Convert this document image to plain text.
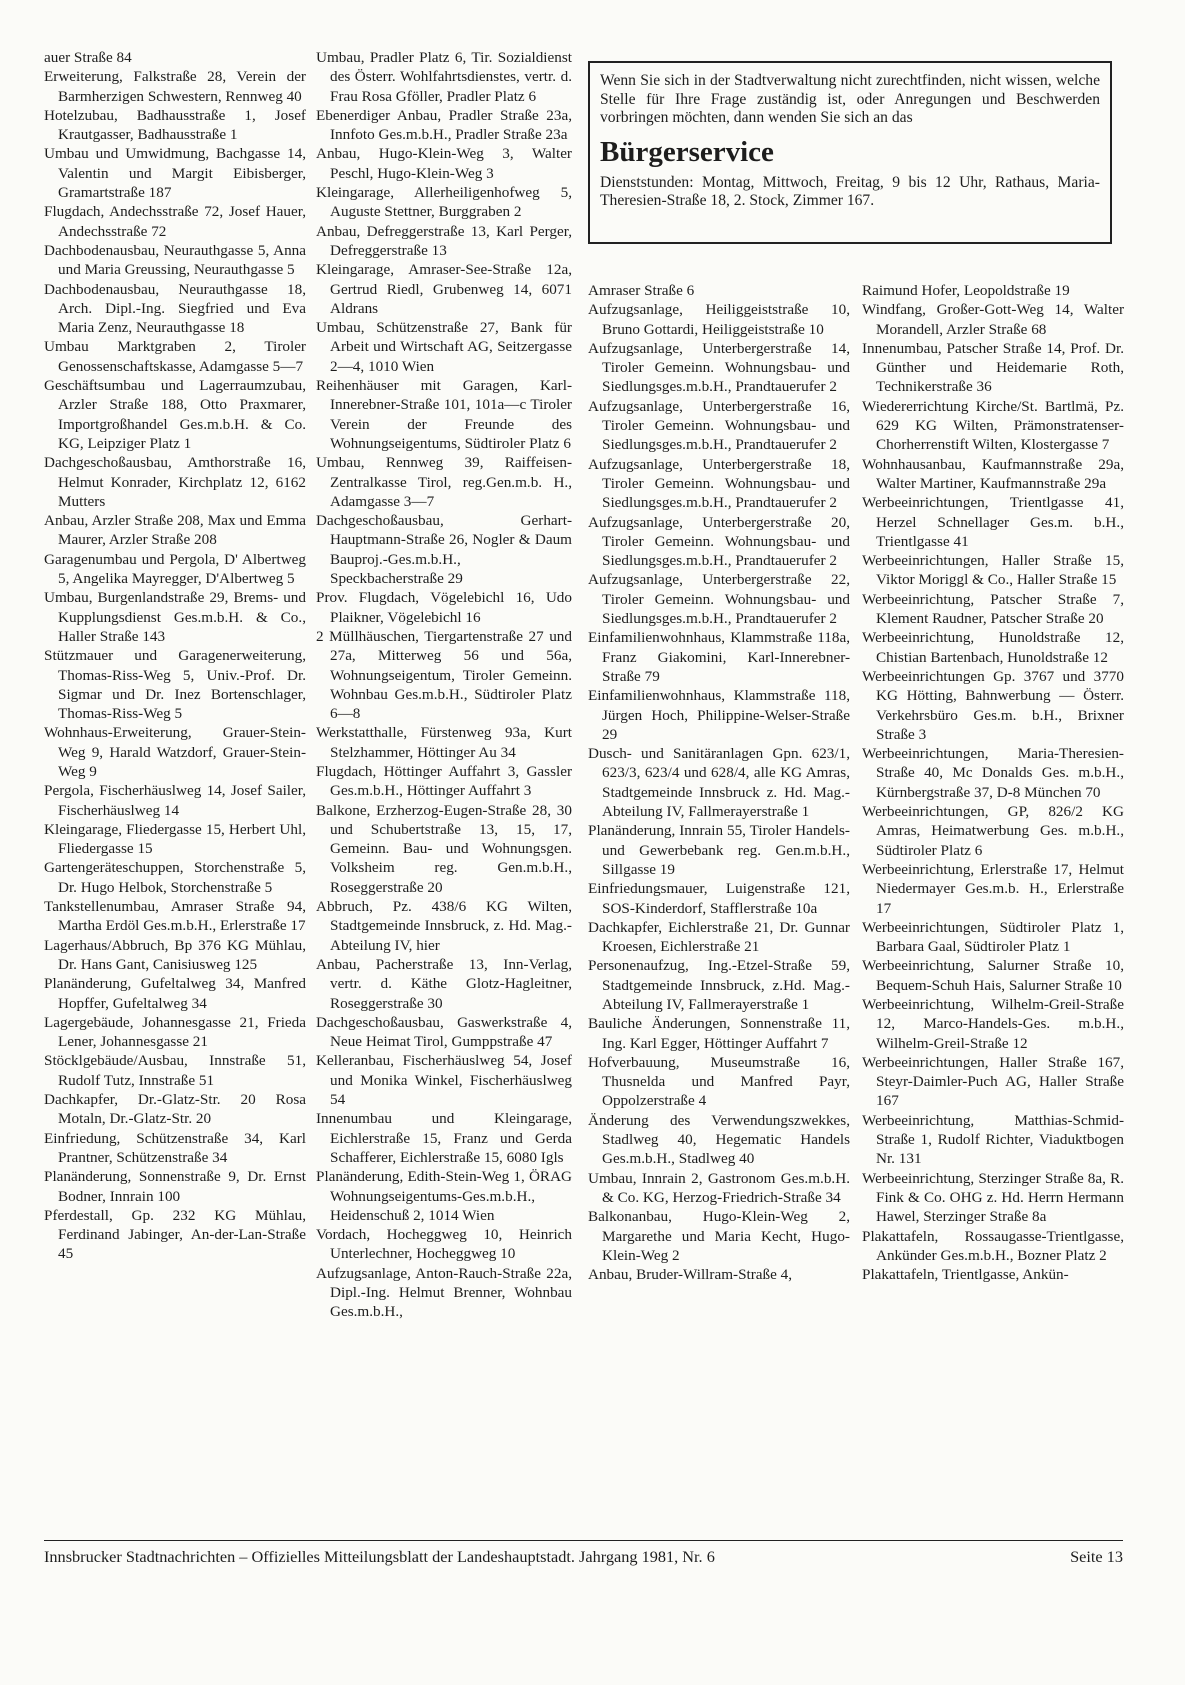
auer Straße 84

Erweiterung, Falkstraße 28, Verein der Barmherzigen Schwestern, Rennweg 40

Hotelzubau, Badhausstraße 1, Josef Krautgasser, Badhausstraße 1

Umbau und Umwidmung, Bachgasse 14, Valentin und Margit Eibisberger, Gramartstraße 187

Flugdach, Andechsstraße 72, Josef Hauer, Andechsstraße 72

Dachbodenausbau, Neurauthgasse 5, Anna und Maria Greussing, Neurauthgasse 5

Dachbodenausbau, Neurauthgasse 18, Arch. Dipl.-Ing. Siegfried und Eva Maria Zenz, Neurauthgasse 18

Umbau Marktgraben 2, Tiroler Genossenschaftskasse, Adamgasse 5—7

Geschäftsumbau und Lagerraumzubau, Arzler Straße 188, Otto Praxmarer, Importgroßhandel Ges.m.b.H. & Co. KG, Leipziger Platz 1

Dachgeschoßausbau, Amthorstraße 16, Helmut Konrader, Kirchplatz 12, 6162 Mutters

Anbau, Arzler Straße 208, Max und Emma Maurer, Arzler Straße 208

Garagenumbau und Pergola, D' Albertweg 5, Angelika Mayregger, D'Albertweg 5

Umbau, Burgenlandstraße 29, Brems- und Kupplungsdienst Ges.m.b.H. & Co., Haller Straße 143

Stützmauer und Garagenerweiterung, Thomas-Riss-Weg 5, Univ.-Prof. Dr. Sigmar und Dr. Inez Bortenschlager, Thomas-Riss-Weg 5

Wohnhaus-Erweiterung, Grauer-Stein-Weg 9, Harald Watzdorf, Grauer-Stein-Weg 9

Pergola, Fischerhäuslweg 14, Josef Sailer, Fischerhäuslweg 14

Kleingarage, Fliedergasse 15, Herbert Uhl, Fliedergasse 15

Gartengeräteschuppen, Storchenstraße 5, Dr. Hugo Helbok, Storchenstraße 5

Tankstellenumbau, Amraser Straße 94, Martha Erdöl Ges.m.b.H., Erlerstraße 17

Lagerhaus/Abbruch, Bp 376 KG Mühlau, Dr. Hans Gant, Canisiusweg 125

Planänderung, Gufeltalweg 34, Manfred Hopffer, Gufeltalweg 34

Lagergebäude, Johannesgasse 21, Frieda Lener, Johannesgasse 21

Stöcklgebäude/Ausbau, Innstraße 51, Rudolf Tutz, Innstraße 51

Dachkapfer, Dr.-Glatz-Str. 20 Rosa Motaln, Dr.-Glatz-Str. 20

Einfriedung, Schützenstraße 34, Karl Prantner, Schützenstraße 34

Planänderung, Sonnenstraße 9, Dr. Ernst Bodner, Innrain 100

Pferdestall, Gp. 232 KG Mühlau, Ferdinand Jabinger, An-der-Lan-Straße 45

Umbau, Pradler Platz 6, Tir. Sozialdienst des Österr. Wohlfahrtsdienstes, vertr. d. Frau Rosa Gföller, Pradler Platz 6

Ebenerdiger Anbau, Pradler Straße 23a, Innfoto Ges.m.b.H., Pradler Straße 23a

Anbau, Hugo-Klein-Weg 3, Walter Peschl, Hugo-Klein-Weg 3

Kleingarage, Allerheiligenhofweg 5, Auguste Stettner, Burggraben 2

Anbau, Defreggerstraße 13, Karl Perger, Defreggerstraße 13

Kleingarage, Amraser-See-Straße 12a, Gertrud Riedl, Grubenweg 14, 6071 Aldrans

Umbau, Schützenstraße 27, Bank für Arbeit und Wirtschaft AG, Seitzergasse 2—4, 1010 Wien

Reihenhäuser mit Garagen, Karl-Innerebner-Straße 101, 101a—c Tiroler Verein der Freunde des Wohnungseigentums, Südtiroler Platz 6

Umbau, Rennweg 39, Raiffeisen-Zentralkasse Tirol, reg.Gen.m.b. H., Adamgasse 3—7

Dachgeschoßausbau, Gerhart-Hauptmann-Straße 26, Nogler & Daum Bauproj.-Ges.m.b.H., Speckbacherstraße 29

Prov. Flugdach, Vögelebichl 16, Udo Plaikner, Vögelebichl 16

2 Müllhäuschen, Tiergartenstraße 27 und 27a, Mitterweg 56 und 56a, Wohnungseigentum, Tiroler Gemeinn. Wohnbau Ges.m.b.H., Südtiroler Platz 6—8

Werkstatthalle, Fürstenweg 93a, Kurt Stelzhammer, Höttinger Au 34

Flugdach, Höttinger Auffahrt 3, Gassler Ges.m.b.H., Höttinger Auffahrt 3

Balkone, Erzherzog-Eugen-Straße 28, 30 und Schubertstraße 13, 15, 17, Gemeinn. Bau- und Wohnungsgen. Volksheim reg. Gen.m.b.H., Roseggerstraße 20

Abbruch, Pz. 438/6 KG Wilten, Stadtgemeinde Innsbruck, z. Hd. Mag.-Abteilung IV, hier

Anbau, Pacherstraße 13, Inn-Verlag, vertr. d. Käthe Glotz-Hagleitner, Roseggerstraße 30

Dachgeschoßausbau, Gaswerkstraße 4, Neue Heimat Tirol, Gumppstraße 47

Kelleranbau, Fischerhäuslweg 54, Josef und Monika Winkel, Fischerhäuslweg 54

Innenumbau und Kleingarage, Eichlerstraße 15, Franz und Gerda Schafferer, Eichlerstraße 15, 6080 Igls

Planänderung, Edith-Stein-Weg 1, ÖRAG Wohnungseigentums-Ges.m.b.H., Heidenschuß 2, 1014 Wien

Vordach, Hocheggweg 10, Heinrich Unterlechner, Hocheggweg 10

Aufzugsanlage, Anton-Rauch-Straße 22a, Dipl.-Ing. Helmut Brenner, Wohnbau Ges.m.b.H.,

Wenn Sie sich in der Stadtverwaltung nicht zurechtfinden, nicht wissen, welche Stelle für Ihre Frage zuständig ist, oder Anregungen und Beschwerden vorbringen möchten, dann wenden Sie sich an das

Bürgerservice

Dienststunden: Montag, Mittwoch, Freitag, 9 bis 12 Uhr, Rathaus, Maria-Theresien-Straße 18, 2. Stock, Zimmer 167.

Amraser Straße 6

Aufzugsanlage, Heiliggeiststraße 10, Bruno Gottardi, Heiliggeiststraße 10

Aufzugsanlage, Unterbergerstraße 14, Tiroler Gemeinn. Wohnungsbau- und Siedlungsges.m.b.H., Prandtauerufer 2

Aufzugsanlage, Unterbergerstraße 16, Tiroler Gemeinn. Wohnungsbau- und Siedlungsges.m.b.H., Prandtauerufer 2

Aufzugsanlage, Unterbergerstraße 18, Tiroler Gemeinn. Wohnungsbau- und Siedlungsges.m.b.H., Prandtauerufer 2

Aufzugsanlage, Unterbergerstraße 20, Tiroler Gemeinn. Wohnungsbau- und Siedlungsges.m.b.H., Prandtauerufer 2

Aufzugsanlage, Unterbergerstraße 22, Tiroler Gemeinn. Wohnungsbau- und Siedlungsges.m.b.H., Prandtauerufer 2

Einfamilienwohnhaus, Klammstraße 118a, Franz Giakomini, Karl-Innerebner-Straße 79

Einfamilienwohnhaus, Klammstraße 118, Jürgen Hoch, Philippine-Welser-Straße 29

Dusch- und Sanitäranlagen Gpn. 623/1, 623/3, 623/4 und 628/4, alle KG Amras, Stadtgemeinde Innsbruck z. Hd. Mag.-Abteilung IV, Fallmerayerstraße 1

Planänderung, Innrain 55, Tiroler Handels- und Gewerbebank reg. Gen.m.b.H., Sillgasse 19

Einfriedungsmauer, Luigenstraße 121, SOS-Kinderdorf, Stafflerstraße 10a

Dachkapfer, Eichlerstraße 21, Dr. Gunnar Kroesen, Eichlerstraße 21

Personenaufzug, Ing.-Etzel-Straße 59, Stadtgemeinde Innsbruck, z.Hd. Mag.-Abteilung IV, Fallmerayerstraße 1

Bauliche Änderungen, Sonnenstraße 11, Ing. Karl Egger, Höttinger Auffahrt 7

Hofverbauung, Museumstraße 16, Thusnelda und Manfred Payr, Oppolzerstraße 4

Änderung des Verwendungszwekkes, Stadlweg 40, Hegematic Handels Ges.m.b.H., Stadlweg 40

Umbau, Innrain 2, Gastronom Ges.m.b.H. & Co. KG, Herzog-Friedrich-Straße 34

Balkonanbau, Hugo-Klein-Weg 2, Margarethe und Maria Kecht, Hugo-Klein-Weg 2

Anbau, Bruder-Willram-Straße 4,

Raimund Hofer, Leopoldstraße 19

Windfang, Großer-Gott-Weg 14, Walter Morandell, Arzler Straße 68

Innenumbau, Patscher Straße 14, Prof. Dr. Günther und Heidemarie Roth, Technikerstraße 36

Wiedererrichtung Kirche/St. Bartlmä, Pz. 629 KG Wilten, Prämonstratenser-Chorherrenstift Wilten, Klostergasse 7

Wohnhausanbau, Kaufmannstraße 29a, Walter Martiner, Kaufmannstraße 29a

Werbeeinrichtungen, Trientlgasse 41, Herzel Schnellager Ges.m. b.H., Trientlgasse 41

Werbeeinrichtungen, Haller Straße 15, Viktor Moriggl & Co., Haller Straße 15

Werbeeinrichtung, Patscher Straße 7, Klement Raudner, Patscher Straße 20

Werbeeinrichtung, Hunoldstraße 12, Chistian Bartenbach, Hunoldstraße 12

Werbeeinrichtungen Gp. 3767 und 3770 KG Hötting, Bahnwerbung — Österr. Verkehrsbüro Ges.m. b.H., Brixner Straße 3

Werbeeinrichtungen, Maria-Theresien-Straße 40, Mc Donalds Ges. m.b.H., Kürnbergstraße 37, D-8 München 70

Werbeeinrichtungen, GP, 826/2 KG Amras, Heimatwerbung Ges. m.b.H., Südtiroler Platz 6

Werbeeinrichtung, Erlerstraße 17, Helmut Niedermayer Ges.m.b. H., Erlerstraße 17

Werbeeinrichtungen, Südtiroler Platz 1, Barbara Gaal, Südtiroler Platz 1

Werbeeinrichtung, Salurner Straße 10, Bequem-Schuh Hais, Salurner Straße 10

Werbeeinrichtung, Wilhelm-Greil-Straße 12, Marco-Handels-Ges. m.b.H., Wilhelm-Greil-Straße 12

Werbeeinrichtungen, Haller Straße 167, Steyr-Daimler-Puch AG, Haller Straße 167

Werbeeinrichtung, Matthias-Schmid-Straße 1, Rudolf Richter, Viaduktbogen Nr. 131

Werbeeinrichtung, Sterzinger Straße 8a, R. Fink & Co. OHG z. Hd. Herrn Hermann Hawel, Sterzinger Straße 8a

Plakattafeln, Rossaugasse-Trientlgasse, Ankünder Ges.m.b.H., Bozner Platz 2

Plakattafeln, Trientlgasse, Ankün-

Innsbrucker Stadtnachrichten – Offizielles Mitteilungsblatt der Landeshauptstadt. Jahrgang 1981, Nr. 6	Seite 13
